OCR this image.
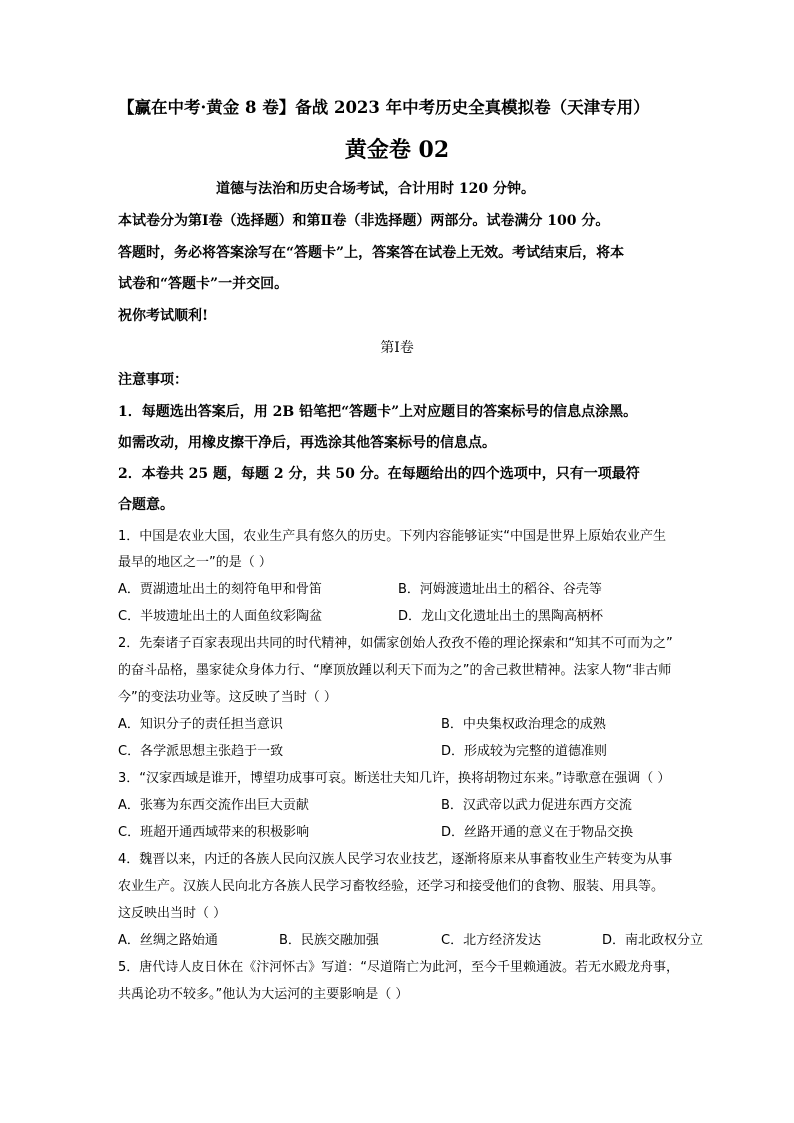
【赢在中考·黄金 8 卷】备战 2023 年中考历史全真模拟卷（天津专用）
黄金卷 02
道德与法治和历史合场考试，合计用时 120 分钟。
本试卷分为第Ⅰ卷（选择题）和第Ⅱ卷（非选择题）两部分。试卷满分 100 分。
答题时，务必将答案涂写在“答题卡”上，答案答在试卷上无效。考试结束后，将本
试卷和“答题卡”一并交回。
祝你考试顺利!
第Ⅰ卷
注意事项：
1．每题选出答案后，用 2B 铅笔把“答题卡”上对应题目的答案标号的信息点涂黑。
如需改动，用橡皮擦干净后，再选涂其他答案标号的信息点。
2．本卷共 25 题，每题 2 分，共 50 分。在每题给出的四个选项中，只有一项最符
合题意。
1．中国是农业大国，农业生产具有悠久的历史。下列内容能够证实“中国是世界上原始农业产生
最早的地区之一”的是（ ）
A．贾湖遗址出土的刻符龟甲和骨笛	B．河姆渡遗址出土的稻谷、谷壳等
C．半坡遗址出土的人面鱼纹彩陶盆	D．龙山文化遗址出土的黑陶高柄杯
2．先秦诸子百家表现出共同的时代精神，如儒家创始人孜孜不倦的理论探索和“知其不可而为之”
的奋斗品格，墨家徒众身体力行、“摩顶放踵以利天下而为之”的舍己救世精神。法家人物“非古师
今”的变法功业等。这反映了当时（ ）
A．知识分子的责任担当意识	B．中央集权政治理念的成熟
C．各学派思想主张趋于一致	D．形成较为完整的道德准则
3．“汉家西域是谁开，博望功成事可哀。断送壮夫知几许，换将胡物过东来。”诗歌意在强调（ ）
A．张骞为东西交流作出巨大贡献	B．汉武帝以武力促进东西方交流
C．班超开通西域带来的积极影响	D．丝路开通的意义在于物品交换
4．魏晋以来，内迁的各族人民向汉族人民学习农业技艺，逐渐将原来从事畜牧业生产转变为从事
农业生产。汉族人民向北方各族人民学习畜牧经验，还学习和接受他们的食物、服装、用具等。
这反映出当时（ ）
A．丝绸之路始通	B．民族交融加强	C．北方经济发达	D．南北政权分立
5．唐代诗人皮日休在《汴河怀古》写道：“尽道隋亡为此河，至今千里赖通波。若无水殿龙舟事，
共禹论功不较多。”他认为大运河的主要影响是（ ）
